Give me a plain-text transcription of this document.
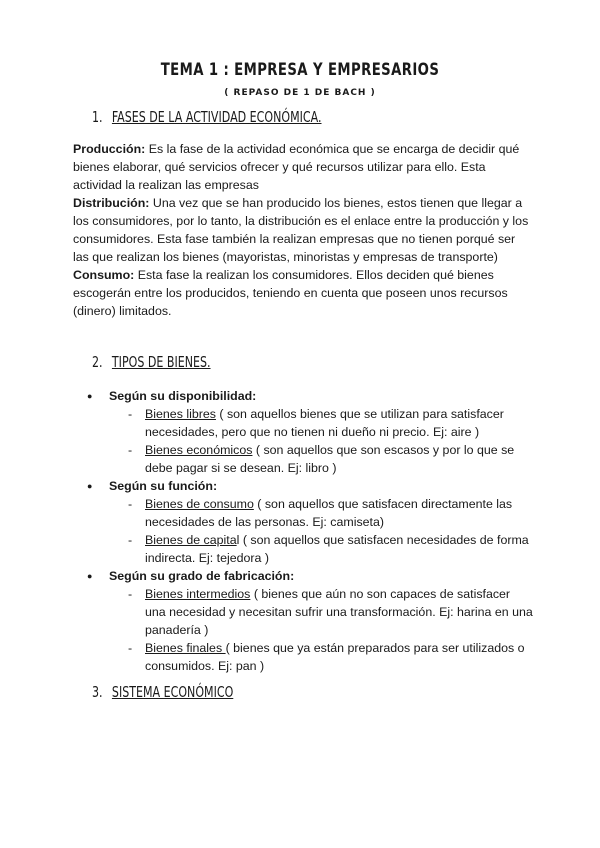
TEMA 1 : EMPRESA Y EMPRESARIOS
( REPASO DE 1 DE BACH )
1. FASES DE LA ACTIVIDAD ECONÓMICA.
Producción: Es la fase de la actividad económica que se encarga de decidir qué bienes elaborar, qué servicios ofrecer y qué recursos utilizar para ello. Esta actividad la realizan las empresas
Distribución: Una vez que se han producido los bienes, estos tienen que llegar a los consumidores, por lo tanto, la distribución es el enlace entre la producción y los consumidores. Esta fase también la realizan empresas que no tienen porqué ser las que realizan los bienes (mayoristas, minoristas y empresas de transporte)
Consumo: Esta fase la realizan los consumidores. Ellos deciden qué bienes escogerán entre los producidos, teniendo en cuenta que poseen unos recursos (dinero) limitados.
2. TIPOS DE BIENES.
● Según su disponibilidad:
- Bienes libres ( son aquellos bienes que se utilizan para satisfacer necesidades, pero que no tienen ni dueño ni precio. Ej: aire )
- Bienes económicos ( son aquellos que son escasos y por lo que se debe pagar si se desean. Ej: libro )
● Según su función:
- Bienes de consumo ( son aquellos que satisfacen directamente las necesidades de las personas. Ej: camiseta)
- Bienes de capital ( son aquellos que satisfacen necesidades de forma indirecta. Ej: tejedora )
● Según su grado de fabricación:
- Bienes intermedios ( bienes que aún no son capaces de satisfacer una necesidad y necesitan sufrir una transformación. Ej: harina en una panadería )
- Bienes finales ( bienes que ya están preparados para ser utilizados o consumidos. Ej: pan )
3. SISTEMA ECONÓMICO
